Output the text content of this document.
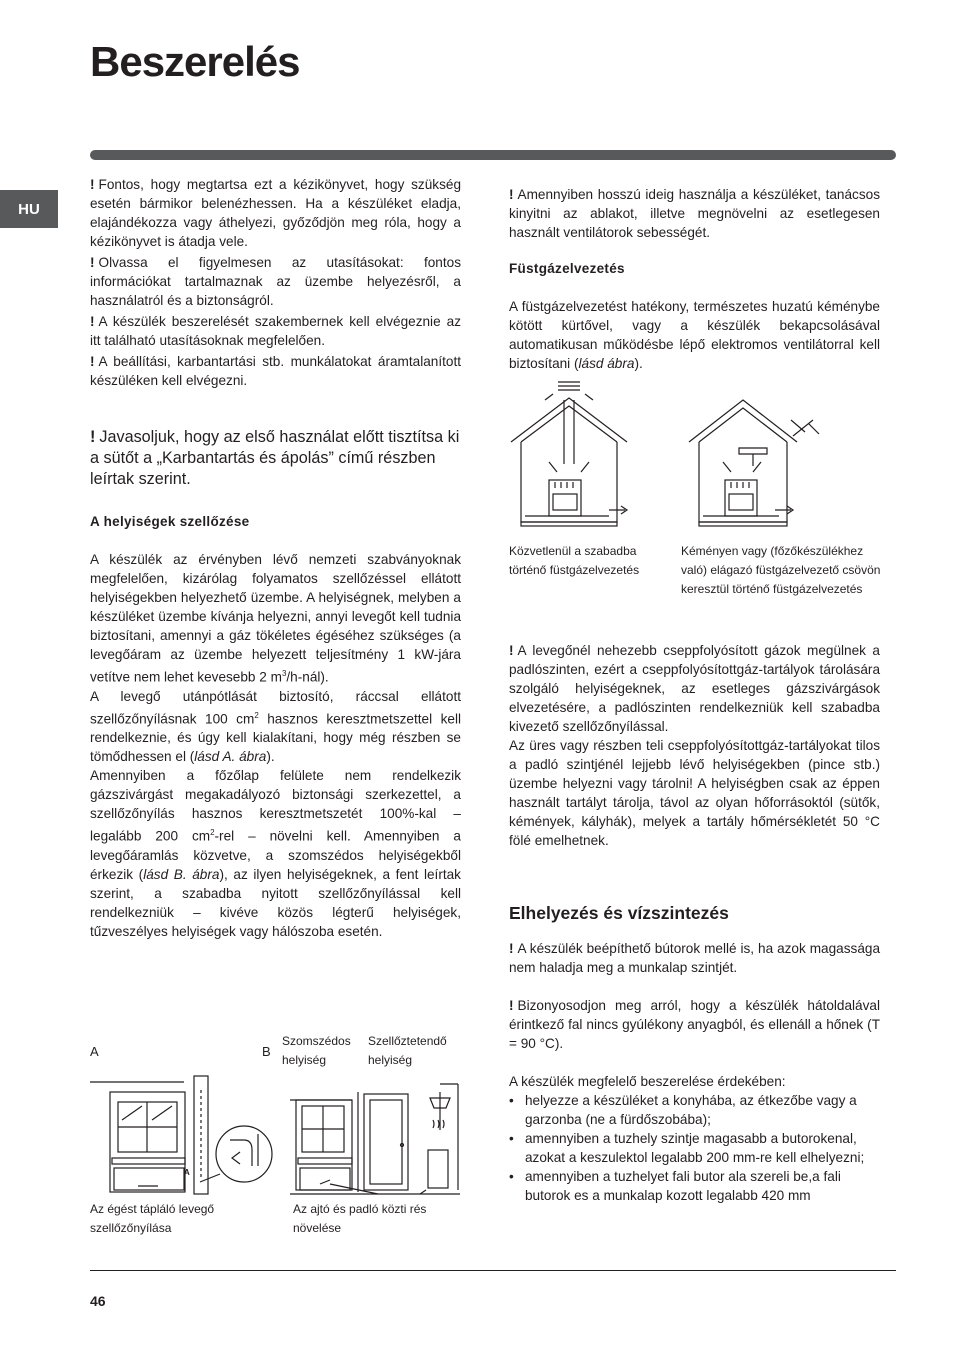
Beszerelés
HU

! Fontos, hogy megtartsa ezt a kézikönyvet, hogy szükség esetén bármikor belenézhessen. Ha a készüléket eladja, elajándékozza vagy áthelyezi, győződjön meg róla, hogy a kézikönyvet is átadja vele.

! Olvassa el figyelmesen az utasításokat: fontos információkat tartalmaznak az üzembe helyezésről, a használatról és a biztonságról.

! A készülék beszerelését szakembernek kell elvégeznie az itt található utasításoknak megfelelően.

! A beállítási, karbantartási stb. munkálatokat áramtalanított készüléken kell elvégezni.

! Javasoljuk, hogy az első használat előtt tisztítsa ki a sütőt a „Karbantartás és ápolás” című részben leírtak szerint.

A helyiségek szellőzése

A készülék az érvényben lévő nemzeti szabványoknak megfelelően, kizárólag folyamatos szellőzéssel ellátott helyiségekben helyezhető üzembe. A helyiségnek, melyben a készüléket üzembe kívánja helyezni, annyi levegőt kell tudnia biztosítani, amennyi a gáz tökéletes égéséhez szükséges (a levegőáram az üzembe helyezett teljesítmény 1 kW-jára vetítve nem lehet kevesebb 2 $m^3/h-nál$).

A levegő utánpótlását biztosító, ráccsal ellátott szellőzőnyílásnak 100 $cm^2$ hasznos keresztmetszettel kell rendelkeznie, és úgy kell kialakítani, hogy még részben se tömődhessen el (lásd A. ábra).

Amennyiben a főzőlap felülete nem rendelkezik gázszivárgást megakadályozó biztonsági szerkezettel, a szellőzőnyílás hasznos keresztmetszetét 100%-kal – legalább 200 $cm^2$-rel – növelni kell. Amennyiben a levegőáramlás közvetve, a szomszédos helyiségekből érkezik (lásd B. ábra), az ilyen helyiségeknek, a fent leírtak szerint, a szabadba nyitott szellőzőnyílással kell rendelkezniük – kivéve közös légterű helyiségek, tűzveszélyes helyiségek vagy hálószoba esetén.

A
A
Az égést tápláló levegő szellőzőnyílása
B
Szomszédos helyiség
Szellőztetendő helyiség
Az ajtó és padló közti rés növelése

! Amennyiben hosszú ideig használja a készüléket, tanácsos kinyitni az ablakot, illetve megnövelni az esetlegesen használt ventilátorok sebességét.

Füstgázelvezetés

A füstgázelvezetést hatékony, természetes huzatú kéménybe kötött kürtővel, vagy a készülék bekapcsolásával automatikusan működésbe lépő elektromos ventilátorral kell biztosítani (lásd ábra).

Közvetlenül a szabadba történő füstgázelvezetés
Kéményen vagy (főzőkészülékhez való) elágazó füstgázelvezető csövön keresztül történő füstgázelvezetés

! A levegőnél nehezebb cseppfolyósított gázok megülnek a padlószinten, ezért a cseppfolyósítottgáz-tartályok tárolására szolgáló helyiségeknek, az esetleges gázszivárgások elvezetésére, a padlószinten rendelkezniük kell szabadba kivezető szellőzőnyílással.

Az üres vagy részben teli cseppfolyósítottgáz-tartályokat tilos a padló szintjénél lejjebb lévő helyiségekben (pince stb.) üzembe helyezni vagy tárolni! A helyiségben csak az éppen használt tartályt tárolja, távol az olyan hőforrásoktól (sütők, kémények, kályhák), melyek a tartály hőmérsékletét 50 °C fölé emelhetnek.

Elhelyezés és vízszintezés

! A készülék beépíthető bútorok mellé is, ha azok magassága nem haladja meg a munkalap szintjét.

! Bizonyosodjon meg arról, hogy a készülék hátoldalával érintkező fal nincs gyúlékony anyagból, és ellenáll a hőnek (T = 90 °C).

A készülék megfelelő beszerelése érdekében:

• helyezze a készüléket a konyhába, az étkezőbe vagy a garzonba (ne a fürdőszobába);
• amennyiben a tuzhely szintje magasabb a butorokenal, azokat a keszulektol legalabb 200 mm-re kell elhelyezni;
• amennyiben a tuzhelyet fali butor ala szereli be,a fali butorok es a munkalap kozott legalabb 420 mm
46
